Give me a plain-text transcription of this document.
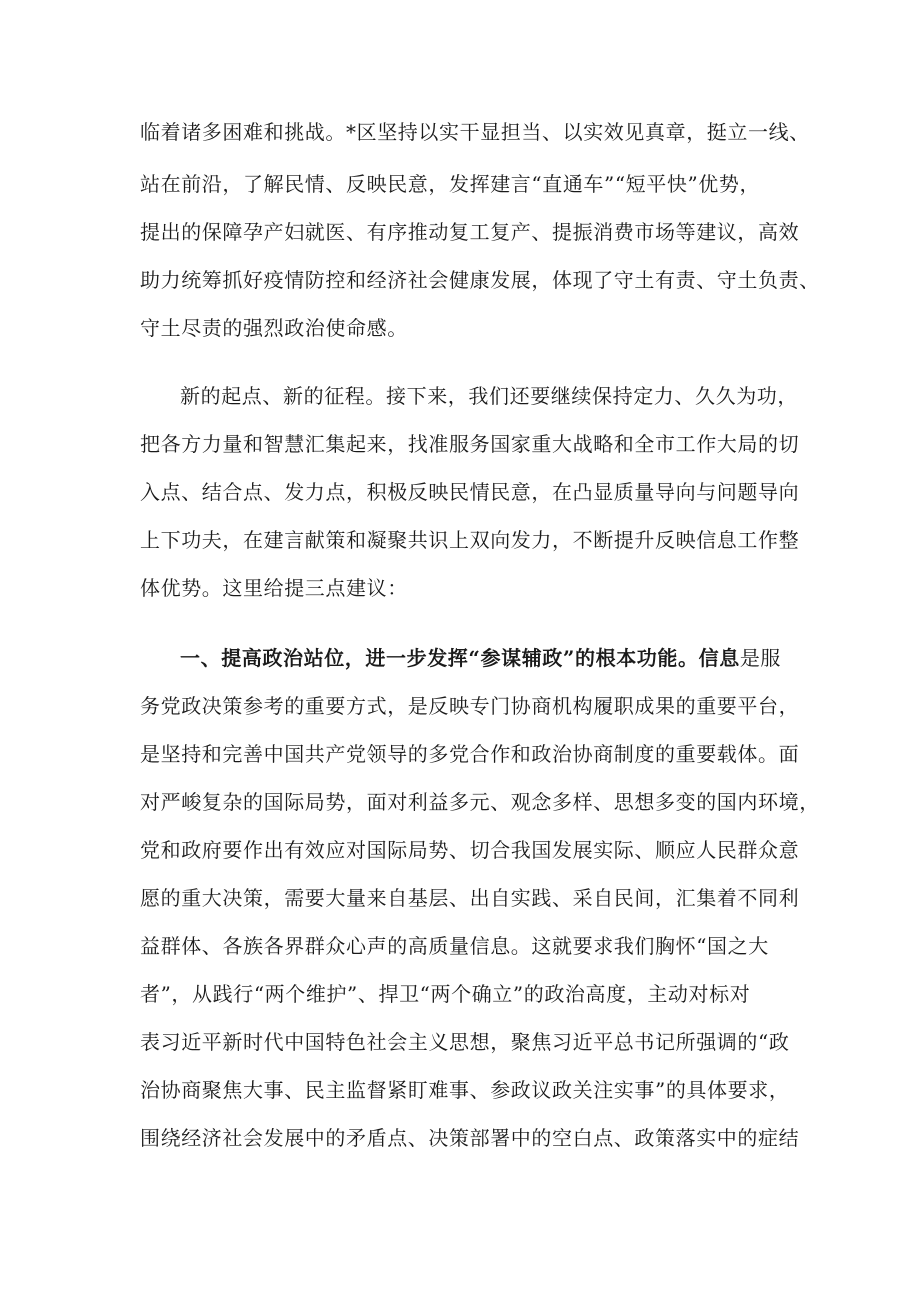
临着诸多困难和挑战。*区坚持以实干显担当、以实效见真章，挺立一线、
站在前沿，了解民情、反映民意，发挥建言“直通车”“短平快”优势，
提出的保障孕产妇就医、有序推动复工复产、提振消费市场等建议，高效
助力统筹抓好疫情防控和经济社会健康发展，体现了守土有责、守土负责、
守土尽责的强烈政治使命感。
新的起点、新的征程。接下来，我们还要继续保持定力、久久为功，
把各方力量和智慧汇集起来，找准服务国家重大战略和全市工作大局的切
入点、结合点、发力点，积极反映民情民意，在凸显质量导向与问题导向
上下功夫，在建言献策和凝聚共识上双向发力，不断提升反映信息工作整
体优势。这里给提三点建议：
一、提高政治站位，进一步发挥“参谋辅政”的根本功能。信息是服
务党政决策参考的重要方式，是反映专门协商机构履职成果的重要平台，
是坚持和完善中国共产党领导的多党合作和政治协商制度的重要载体。面
对严峻复杂的国际局势，面对利益多元、观念多样、思想多变的国内环境，
党和政府要作出有效应对国际局势、切合我国发展实际、顺应人民群众意
愿的重大决策，需要大量来自基层、出自实践、采自民间，汇集着不同利
益群体、各族各界群众心声的高质量信息。这就要求我们胸怀“国之大
者”，从践行“两个维护”、捍卫“两个确立”的政治高度，主动对标对
表习近平新时代中国特色社会主义思想，聚焦习近平总书记所强调的“政
治协商聚焦大事、民主监督紧盯难事、参政议政关注实事”的具体要求，
围绕经济社会发展中的矛盾点、决策部署中的空白点、政策落实中的症结
